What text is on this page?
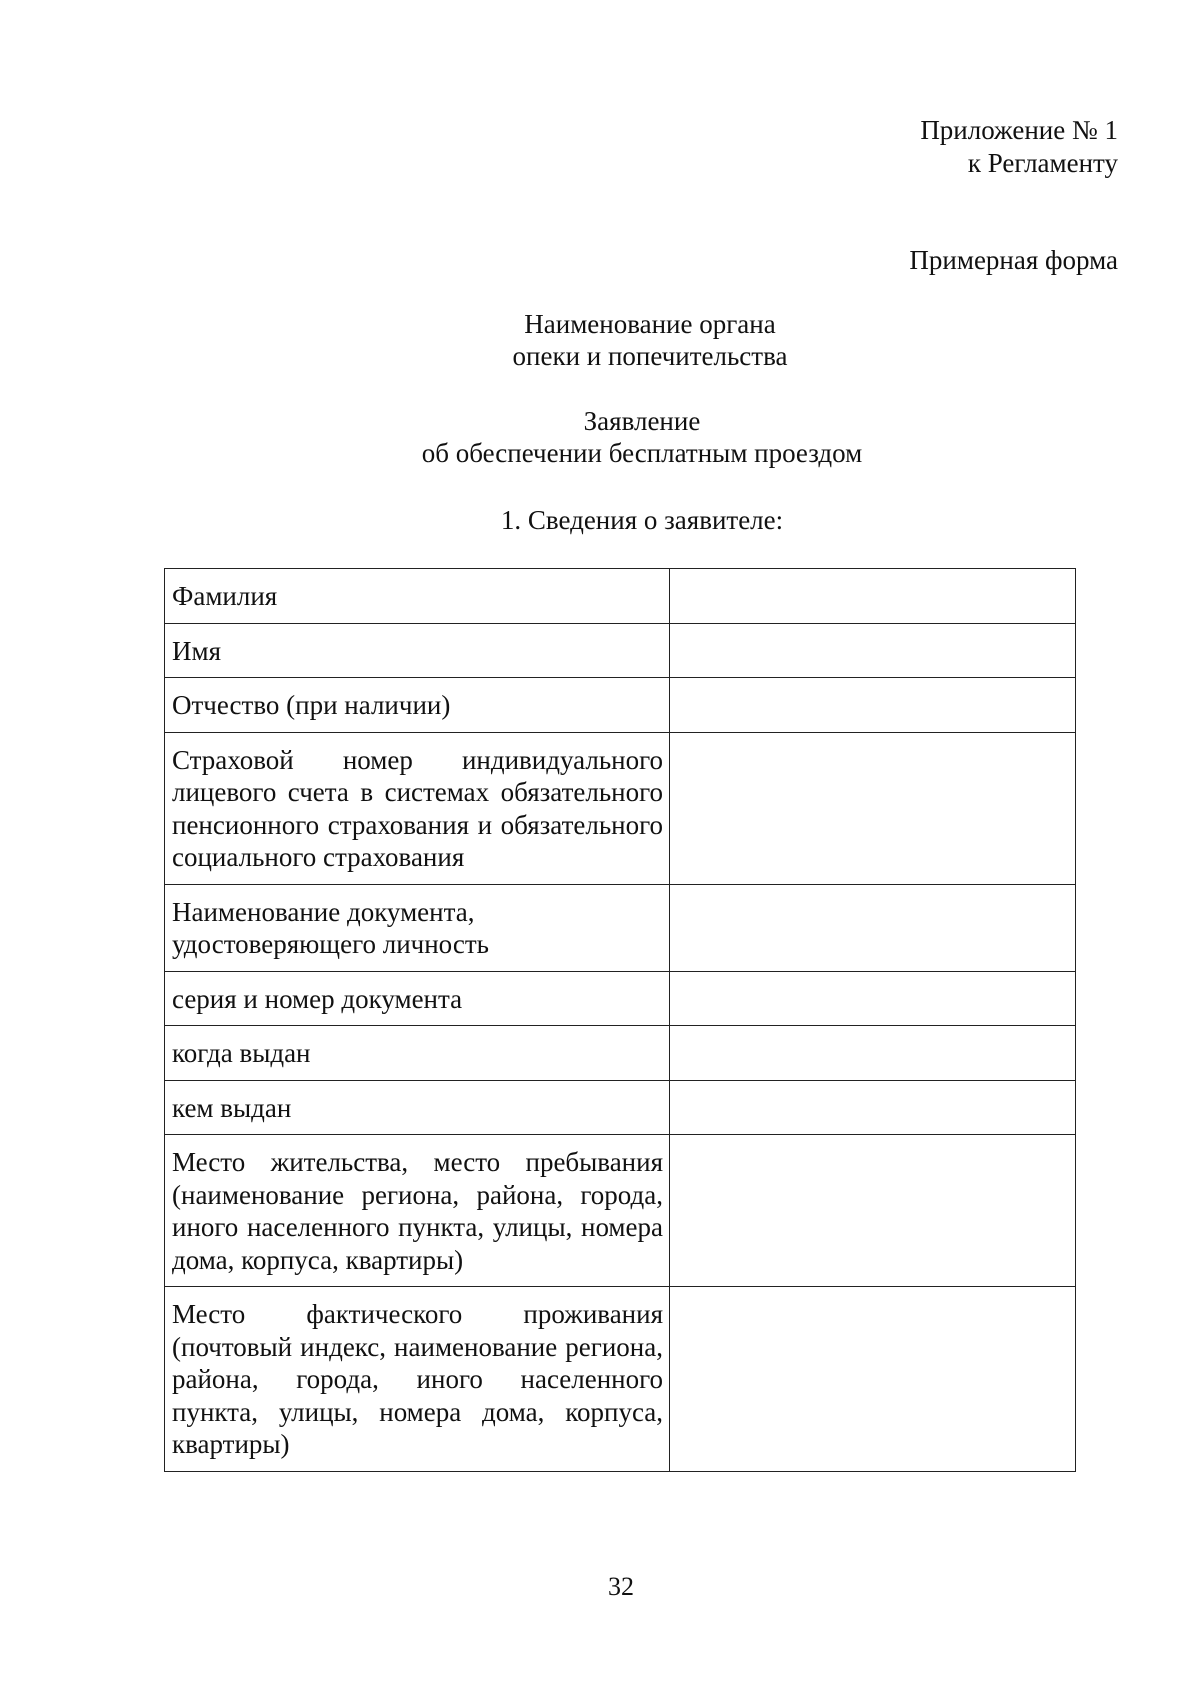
Приложение № 1
к Регламенту
Примерная форма
Наименование органа
опеки и попечительства
Заявление
об обеспечении бесплатным проездом
1. Сведения о заявителе:
Фамилия	
Имя	
Отчество (при наличии)	
Страховой номер индивидуального лицевого счета в системах обязательного пенсионного страхования и обязательного социального страхования	
Наименование документа, удостоверяющего личность	
серия и номер документа	
когда выдан	
кем выдан	
Место жительства, место пребывания (наименование региона, района, города, иного населенного пункта, улицы, номера дома, корпуса, квартиры)	
Место фактического проживания (почтовый индекс, наименование региона, района, города, иного населенного пункта, улицы, номера дома, корпуса, квартиры)	
32
